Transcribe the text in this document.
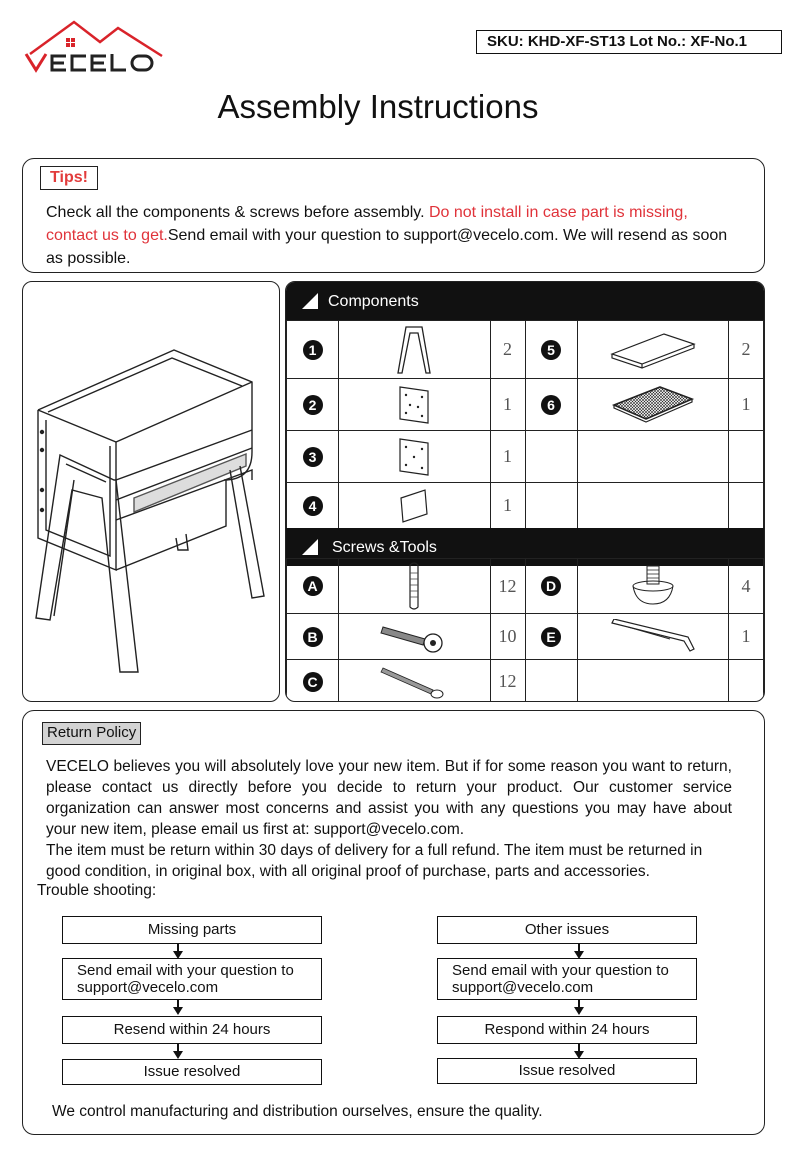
SKU: KHD-XF-ST13 Lot No.: XF-No.1
Assembly Instructions
Tips!
Check all the components & screws before assembly. Do not install in case part is missing, contact us to get.Send email with your question to support@vecelo.com. We will resend as soon as possible.
Components
1		2	5		2
2		1	6		1
3		1			
4		1			
Screws &Tools
A		12	D		4
B		10	E		1
C		12			
Return Policy
VECELO believes you will absolutely love your new item. But if for some reason you want to return, please contact us directly before you decide to return your product. Our customer service organization can answer most concerns and assist you with any questions you may have about your new item, please email us first at: support@vecelo.com.
The item must be return within 30 days of delivery for a full refund. The item must be returned in good condition, in original box, with all original proof of purchase, parts and accessories.
Trouble shooting:
Missing parts
Send email with your question to support@vecelo.com
Resend within 24 hours
Issue resolved
Other issues
Send email with your question to support@vecelo.com
Respond within 24 hours
Issue resolved
We control manufacturing and distribution ourselves, ensure the quality.
